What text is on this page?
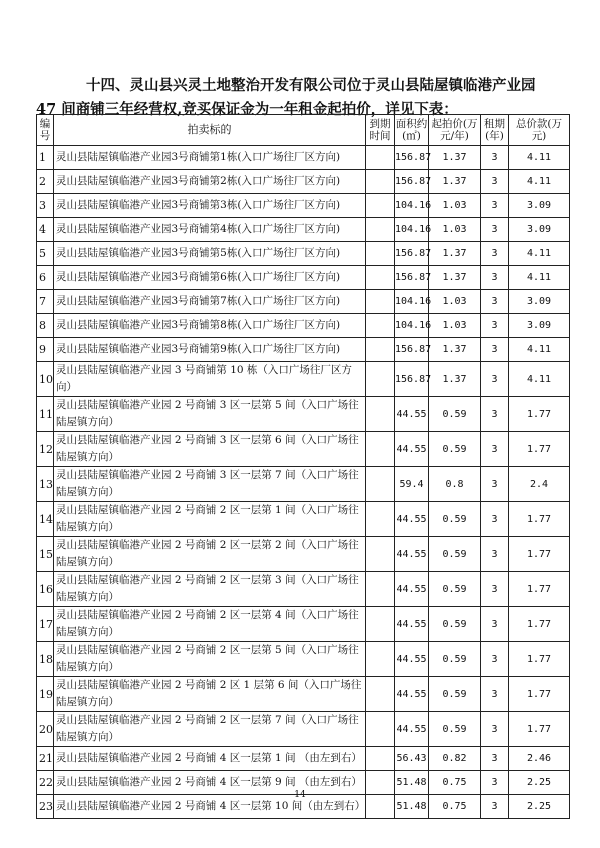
十四、灵山县兴灵土地整治开发有限公司位于灵山县陆屋镇临港产业园
47 间商铺三年经营权,竞买保证金为一年租金起拍价，详见下表：
编号	拍卖标的	到期时间	面积约(㎡)	起拍价(万元/年)	租期(年)	总价款(万元)
1	灵山县陆屋镇临港产业园3号商铺第1栋(入口广场往厂区方向)		156.87	1.37	3	4.11
2	灵山县陆屋镇临港产业园3号商铺第2栋(入口广场往厂区方向)		156.87	1.37	3	4.11
3	灵山县陆屋镇临港产业园3号商铺第3栋(入口广场往厂区方向)		104.16	1.03	3	3.09
4	灵山县陆屋镇临港产业园3号商铺第4栋(入口广场往厂区方向)		104.16	1.03	3	3.09
5	灵山县陆屋镇临港产业园3号商铺第5栋(入口广场往厂区方向)		156.87	1.37	3	4.11
6	灵山县陆屋镇临港产业园3号商铺第6栋(入口广场往厂区方向)		156.87	1.37	3	4.11
7	灵山县陆屋镇临港产业园3号商铺第7栋(入口广场往厂区方向)		104.16	1.03	3	3.09
8	灵山县陆屋镇临港产业园3号商铺第8栋(入口广场往厂区方向)		104.16	1.03	3	3.09
9	灵山县陆屋镇临港产业园3号商铺第9栋(入口广场往厂区方向)		156.87	1.37	3	4.11
10	灵山县陆屋镇临港产业园 3 号商铺第 10 栋（入口广场往厂区方向）		156.87	1.37	3	4.11
11	灵山县陆屋镇临港产业园 2 号商铺 3 区一层第 5 间（入口广场往陆屋镇方向）		44.55	0.59	3	1.77
12	灵山县陆屋镇临港产业园 2 号商铺 3 区一层第 6 间（入口广场往陆屋镇方向）		44.55	0.59	3	1.77
13	灵山县陆屋镇临港产业园 2 号商铺 3 区一层第 7 间（入口广场往陆屋镇方向）		59.4	0.8	3	2.4
14	灵山县陆屋镇临港产业园 2 号商铺 2 区一层第 1 间（入口广场往陆屋镇方向）		44.55	0.59	3	1.77
15	灵山县陆屋镇临港产业园 2 号商铺 2 区一层第 2 间（入口广场往陆屋镇方向）		44.55	0.59	3	1.77
16	灵山县陆屋镇临港产业园 2 号商铺 2 区一层第 3 间（入口广场往陆屋镇方向）		44.55	0.59	3	1.77
17	灵山县陆屋镇临港产业园 2 号商铺 2 区一层第 4 间（入口广场往陆屋镇方向）		44.55	0.59	3	1.77
18	灵山县陆屋镇临港产业园 2 号商铺 2 区一层第 5 间（入口广场往陆屋镇方向）		44.55	0.59	3	1.77
19	灵山县陆屋镇临港产业园 2 号商铺 2 区 1 层第 6 间（入口广场往陆屋镇方向）		44.55	0.59	3	1.77
20	灵山县陆屋镇临港产业园 2 号商铺 2 区一层第 7 间（入口广场往陆屋镇方向）		44.55	0.59	3	1.77
21	灵山县陆屋镇临港产业园 2 号商铺 4 区一层第 1 间 （由左到右）		56.43	0.82	3	2.46
22	灵山县陆屋镇临港产业园 2 号商铺 4 区一层第 9 间 （由左到右）		51.48	0.75	3	2.25
23	灵山县陆屋镇临港产业园 2 号商铺 4 区一层第 10 间（由左到右）		51.48	0.75	3	2.25
14
